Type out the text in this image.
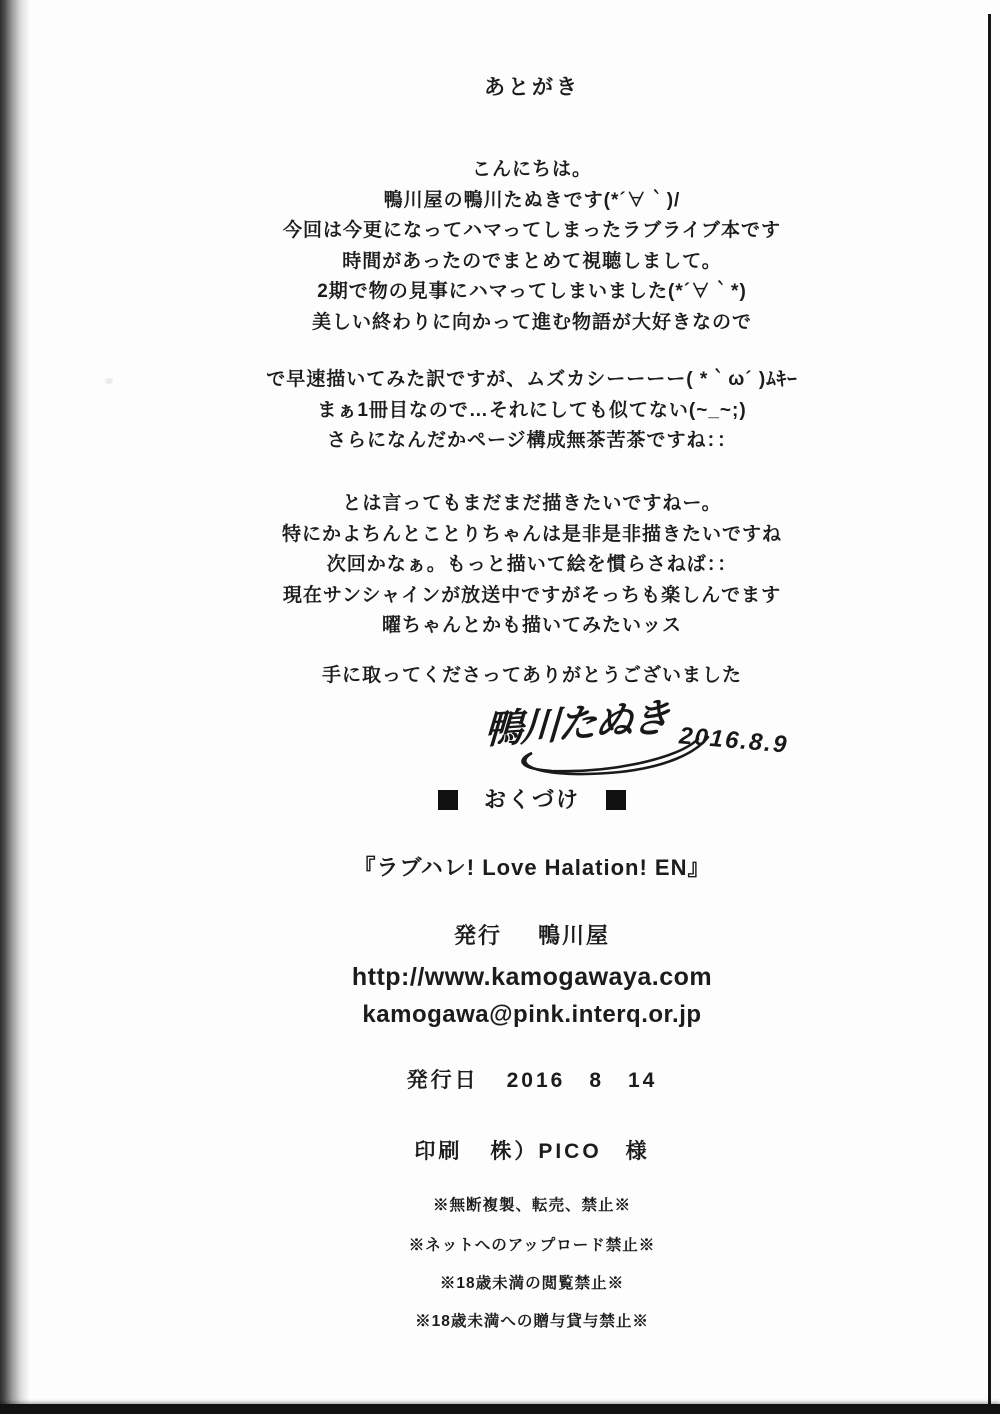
あとがき
こんにちは。
鴨川屋の鴨川たぬきです(*´∀｀)/
今回は今更になってハマってしまったラブライブ本です
時間があったのでまとめて視聴しまして。
2期で物の見事にハマってしまいました(*´∀｀*)
美しい終わりに向かって進む物語が大好きなので
で早速描いてみた訳ですが、ムズカシーーーー( *｀ω´ )ﾑｷｰ
まぁ1冊目なので…それにしても似てない(~_~;)
さらになんだかページ構成無茶苦茶ですね：：
とは言ってもまだまだ描きたいですねー。
特にかよちんとことりちゃんは是非是非描きたいですね
次回かなぁ。もっと描いて絵を慣らさねば：：
現在サンシャインが放送中ですがそっちも楽しんでます
曜ちゃんとかも描いてみたいッス
手に取ってくださってありがとうございました
鴨川たぬき 2016.8.9
おくづけ
『ラブハレ! Love Halation! EN』
発行 鴨川屋
http://www.kamogawaya.com
kamogawa@pink.interq.or.jp
発行日 2016　8　14
印刷 株）PICO　様
※無断複製、転売、禁止※
※ネットへのアップロード禁止※
※18歳未満の閲覧禁止※
※18歳未満への贈与貸与禁止※
